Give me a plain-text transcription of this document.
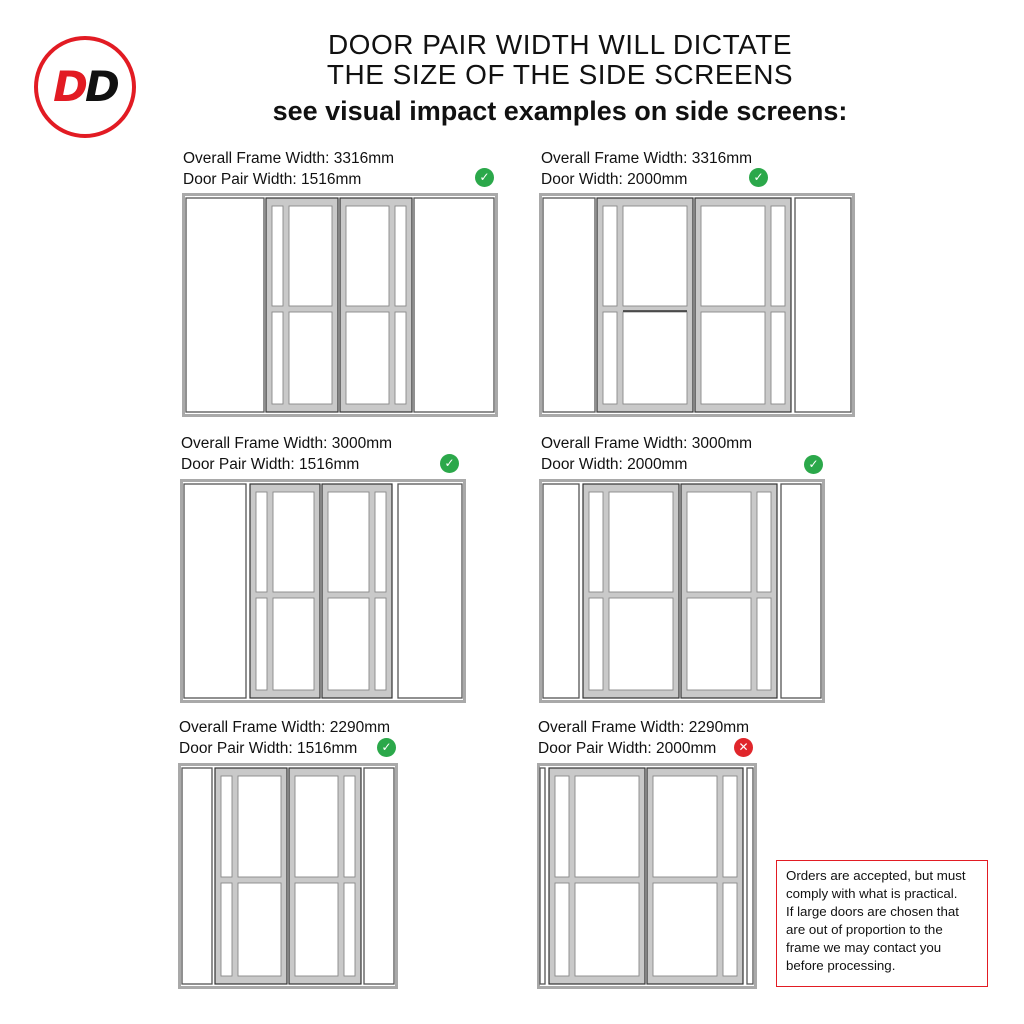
DD
DOOR PAIR WIDTH WILL DICTATE
THE SIZE OF THE SIDE SCREENS
see visual impact examples on side screens:
Overall Frame Width: 3316mm
Door Pair Width: 1516mm	✓
Overall Frame Width: 3316mm
Door Width: 2000mm	✓
Overall Frame Width: 3000mm
Door Pair Width: 1516mm	✓
Overall Frame Width: 3000mm
Door Width: 2000mm	✓
Overall Frame Width: 2290mm
Door Pair Width: 1516mm	✓
Overall Frame Width: 2290mm
Door Pair Width: 2000mm	✕
Orders are accepted, but must
comply with what is practical.
If large doors are chosen that
are out of proportion to the
frame we may contact you
before processing.
